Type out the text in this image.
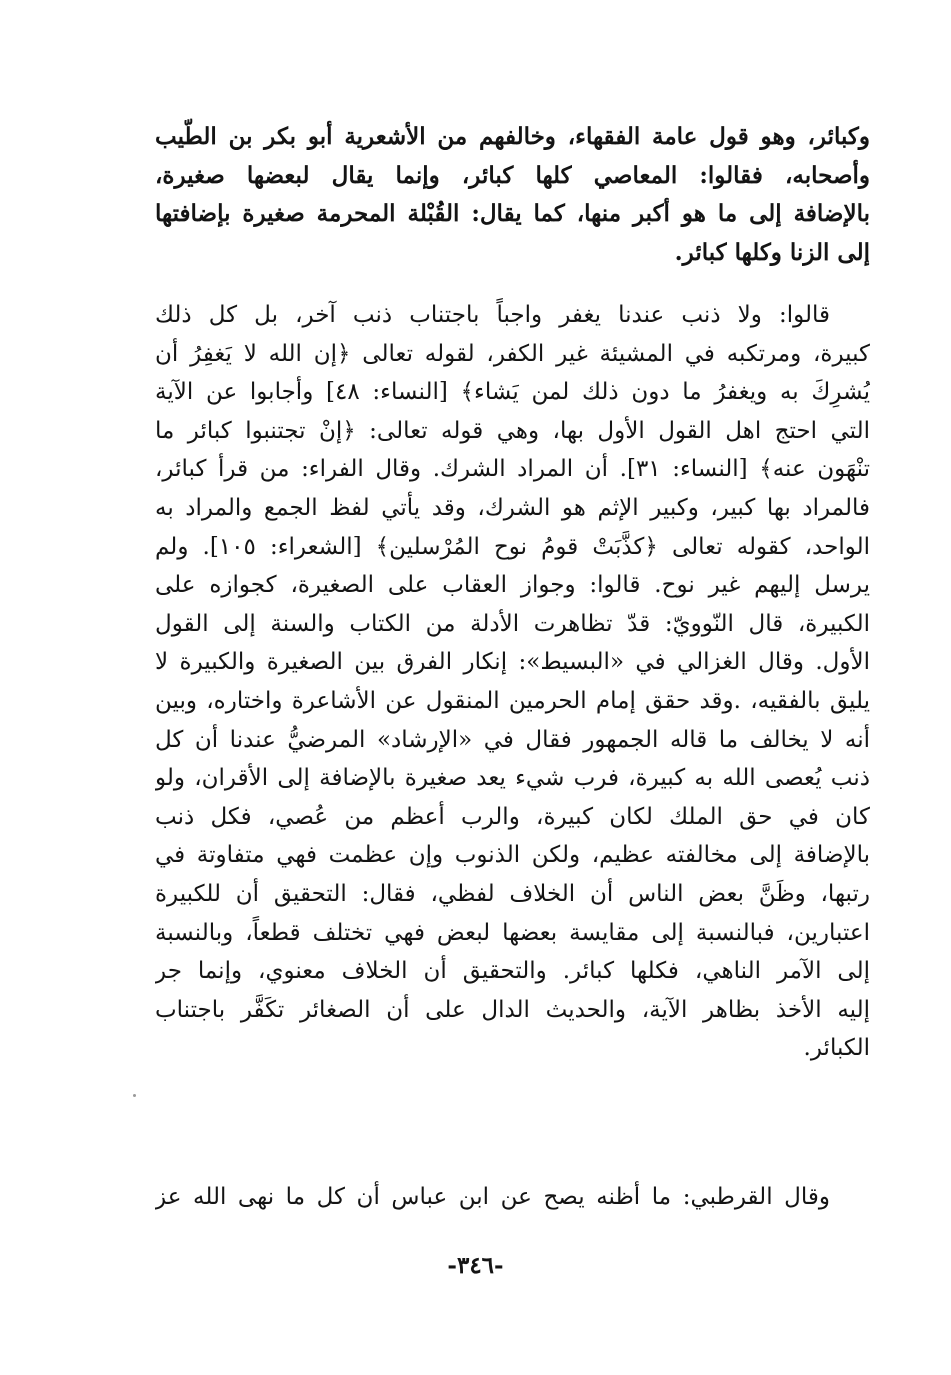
وكبائر، وهو قول عامة الفقهاء، وخالفهم من الأشعرية أبو بكر بن الطّيب
وأصحابه، فقالوا: المعاصي كلها كبائر، وإنما يقال لبعضها صغيرة،
بالإضافة إلى ما هو أكبر منها، كما يقال: القُبْلة المحرمة صغيرة بإضافتها
إلى الزنا وكلها كبائر.
قالوا: ولا ذنب عندنا يغفر واجباً باجتناب ذنب آخر، بل كل ذلك
كبيرة، ومرتكبه في المشيئة غير الكفر، لقوله تعالى ﴿إن الله لا يَغفِرُ أن
يُشرِكَ به ويغفرُ ما دون ذلك لمن يَشاء﴾ [النساء: ٤٨] وأجابوا عن الآية
التي احتج اهل القول الأول بها، وهي قوله تعالى: ﴿إنْ تجتنبوا كبائر ما
تنْهَون عنه﴾ [النساء: ٣١]. أن المراد الشرك. وقال الفراء: من قرأ كبائر،
فالمراد بها كبير، وكبير الإثم هو الشرك، وقد يأتي لفظ الجمع والمراد به
الواحد، كقوله تعالى ﴿كذَّبَتْ قومُ نوح المُرْسلين﴾ [الشعراء: ١٠٥]. ولم
يرسل إليهم غير نوح. قالوا: وجواز العقاب على الصغيرة، كجوازه على
الكبيرة، قال النّوويّ: قدّ تظاهرت الأدلة من الكتاب والسنة إلى القول
الأول. وقال الغزالي في «البسيط»: إنكار الفرق بين الصغيرة والكبيرة لا
يليق بالفقيه، .وقد حقق إمام الحرمين المنقول عن الأشاعرة واختاره، وبين
أنه لا يخالف ما قاله الجمهور فقال في «الإرشاد» المرضيُّ عندنا أن كل
ذنب يُعصى الله به كبيرة، فرب شيء يعد صغيرة بالإضافة إلى الأقران، ولو
كان في حق الملك لكان كبيرة، والرب أعظم من عُصي، فكل ذنب
بالإضافة إلى مخالفته عظيم، ولكن الذنوب وإن عظمت فهي متفاوتة في
رتبها، وظَنَّ بعض الناس أن الخلاف لفظي، فقال: التحقيق أن للكبيرة
اعتبارين، فبالنسبة إلى مقايسة بعضها لبعض فهي تختلف قطعاً، وبالنسبة
إلى الآمر الناهي، فكلها كبائر. والتحقيق أن الخلاف معنوي، وإنما جر
إليه الأخذ بظاهر الآية، والحديث الدال على أن الصغائر تكَفَّر باجتناب
الكبائر.
وقال القرطبي: ما أظنه يصح عن ابن عباس أن كل ما نهى الله عز
-٣٤٦-
